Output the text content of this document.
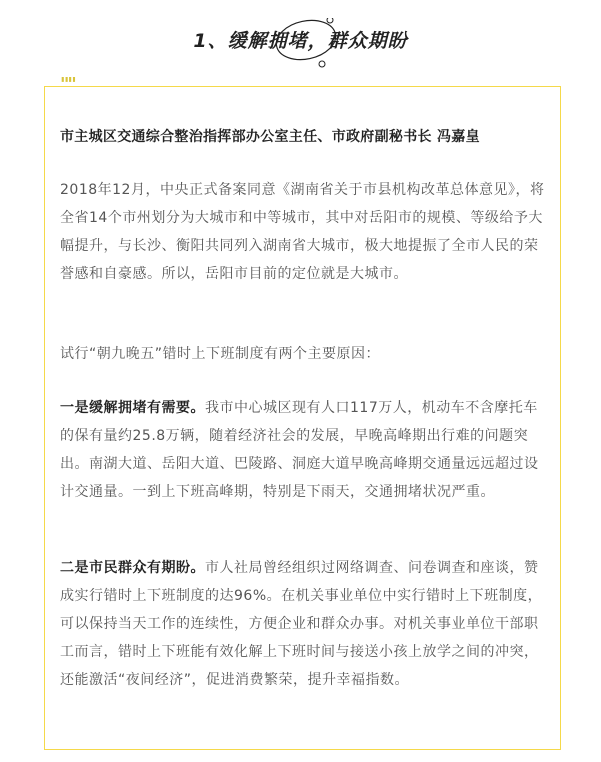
1、缓解拥堵，群众期盼
""
市主城区交通综合整治指挥部办公室主任、市政府副秘书长 冯嘉皇

2018年12月，中央正式备案同意《湖南省关于市县机构改革总体意见》，将全省14个市州划分为大城市和中等城市，其中对岳阳市的规模、等级给予大幅提升，与长沙、衡阳共同列入湖南省大城市，极大地提振了全市人民的荣誉感和自豪感。所以，岳阳市目前的定位就是大城市。

试行“朝九晚五”错时上下班制度有两个主要原因：

一是缓解拥堵有需要。我市中心城区现有人口117万人，机动车不含摩托车的保有量约25.8万辆，随着经济社会的发展，早晚高峰期出行难的问题突出。南湖大道、岳阳大道、巴陵路、洞庭大道早晚高峰期交通量远远超过设计交通量。一到上下班高峰期，特别是下雨天，交通拥堵状况严重。

二是市民群众有期盼。市人社局曾经组织过网络调查、问卷调查和座谈，赞成实行错时上下班制度的达96%。在机关事业单位中实行错时上下班制度，可以保持当天工作的连续性，方便企业和群众办事。对机关事业单位干部职工而言，错时上下班能有效化解上下班时间与接送小孩上放学之间的冲突，还能激活“夜间经济”，促进消费繁荣，提升幸福指数。
